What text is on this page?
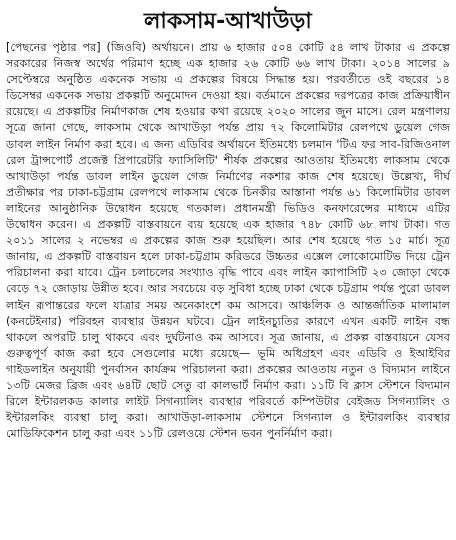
লাকসাম-আখাউড়া

[পেছনের পৃষ্ঠার পর] (জিওবি) অর্থায়নে। প্রায় ৬ হাজার ৫০৪ কোটি ৫৪ লাখ টাকার এ প্রকল্পে সরকারের নিজস্ব অর্থের পরিমাণ হচ্ছে এক হাজার ২৬ কোটি ৬৬ লাখ টাকা। ২০১৪ সালের ৯ সেপ্টেম্বরে অনুষ্ঠিত একনেক সভায় এ প্রকল্পের বিষয়ে সিদ্ধান্ত হয়। পরবর্তীতে ওই বছরের ১৪ ডিসেম্বর একনেক সভায় প্রকল্পটি অনুমোদন দেওয়া হয়। বর্তমানে প্রকল্পের দরপত্রের কাজ প্রক্রিয়াধীন রয়েছে। এ প্রকল্পটির নির্মাণকাজ শেষ হওয়ার কথা রয়েছে ২০২০ সালের জুন মাসে। রেল মন্ত্রণালয় সূত্রে জানা গেছে, লাকসাম থেকে আখাউড়া পর্যন্ত প্রায় ৭২ কিলোমিটার রেলপথে ডুয়েল গেজ ডাবল লাইন নির্মাণ করা হবে। এ জন্য এডিবির অর্থায়নে ইতিমধ্যে চলমান 'টিএ ফর সাব-রিজিওনাল রেল ট্রান্সপোর্ট প্রজেক্ট প্রিপারেটরি ফ্যাসিলিটি' শীর্ষক প্রকল্পের আওতায় ইতিমধ্যে লাকসাম থেকে আখাউড়া পর্যন্ত ডাবল লাইন ডুয়েল গেজ নির্মাণের নকশার কাজ শেষ হয়েছে। উল্লেখ্য, দীর্ঘ প্রতীক্ষার পর ঢাকা-চট্টগ্রাম রেলপথে লাকসাম থেকে চিনকীর আস্তানা পর্যন্ত ৬১ কিলোমিটার ডাবল লাইনের আনুষ্ঠানিক উদ্বোধন হয়েছে গতকাল। প্রধানমন্ত্রী ভিডিও কনফারেন্সের মাধ্যমে এটির উদ্বোধন করেন। এ প্রকল্পটি বাস্তবায়নে ব্যয় হয়েছে এক হাজার ৭৪৮ কোটি ৬৮ লাখ টাকা। গত ২০১১ সালের ২ নভেম্বর এ প্রকল্পের কাজ শুরু হয়েছিল। আর শেষ হয়েছে গত ১৫ মার্চ। সূত্র জানায়, এ প্রকল্পটি বাস্তবায়ন হলে ঢাকা-চট্টগ্রাম করিডরে উচ্চতর এক্সেল লোকোমোটিভ দিয়ে ট্রেন পরিচালনা করা যাবে। ট্রেন চলাচলের সংখ্যাও বৃদ্ধি পাবে এবং লাইন ক্যাপাসিটি ২৩ জোড়া থেকে বেড়ে ৭২ জোড়ায় উন্নীত হবে। আর সবচেয়ে বড় সুবিধা হচ্ছে ঢাকা থেকে চট্টগ্রাম পর্যন্ত পুরো ডাবল লাইন রূপান্তরের ফলে যাত্রার সময় অনেকাংশে কম আসবে। আঞ্চলিক ও আন্তর্জাতিক মালামাল (কনটেইনার) পরিবহন ব্যবস্থার উন্নয়ন ঘটবে। ট্রেন লাইনচ্যুতির কারণে এখন একটি লাইন বন্ধ থাকলে অপরটি চালু থাকবে এবং দুর্ঘটনাও কম আসবে। সূত্র জানায়, এ প্রকল্প বাস্তবায়নে যেসব গুরুত্বপূর্ণ কাজ করা হবে সেগুলোর মধ্যে রয়েছে— ভূমি অধিগ্রহণ এবং এডিবি ও ইআইবির গাইডলাইন অনুযায়ী পুনর্বাসন কার্যক্রম পরিচালনা করা। প্রকল্পের আওতায় নতুন ও বিদ্যমান লাইনে ১৩টি মেজর ব্রিজ এবং ৬৪টি ছোট সেতু বা কালভার্ট নির্মাণ করা। ১১টি বি ক্লাস স্টেশনে বিদ্যমান রিলে ইন্টারলকড কালার লাইট সিগন্যালিং ব্যবস্থার পরিবর্তে কম্পিউটার বেইজড সিগন্যালিং ও ইন্টারলকিং ব্যবস্থা চালু করা। আখাউড়া-লাকসাম স্টেশনে সিগন্যাল ও ইন্টারলকিং ব্যবস্থার মোডিফিকেশন চালু করা এবং ১১টি রেলওয়ে স্টেশন ভবন পুনর্নির্মাণ করা।
